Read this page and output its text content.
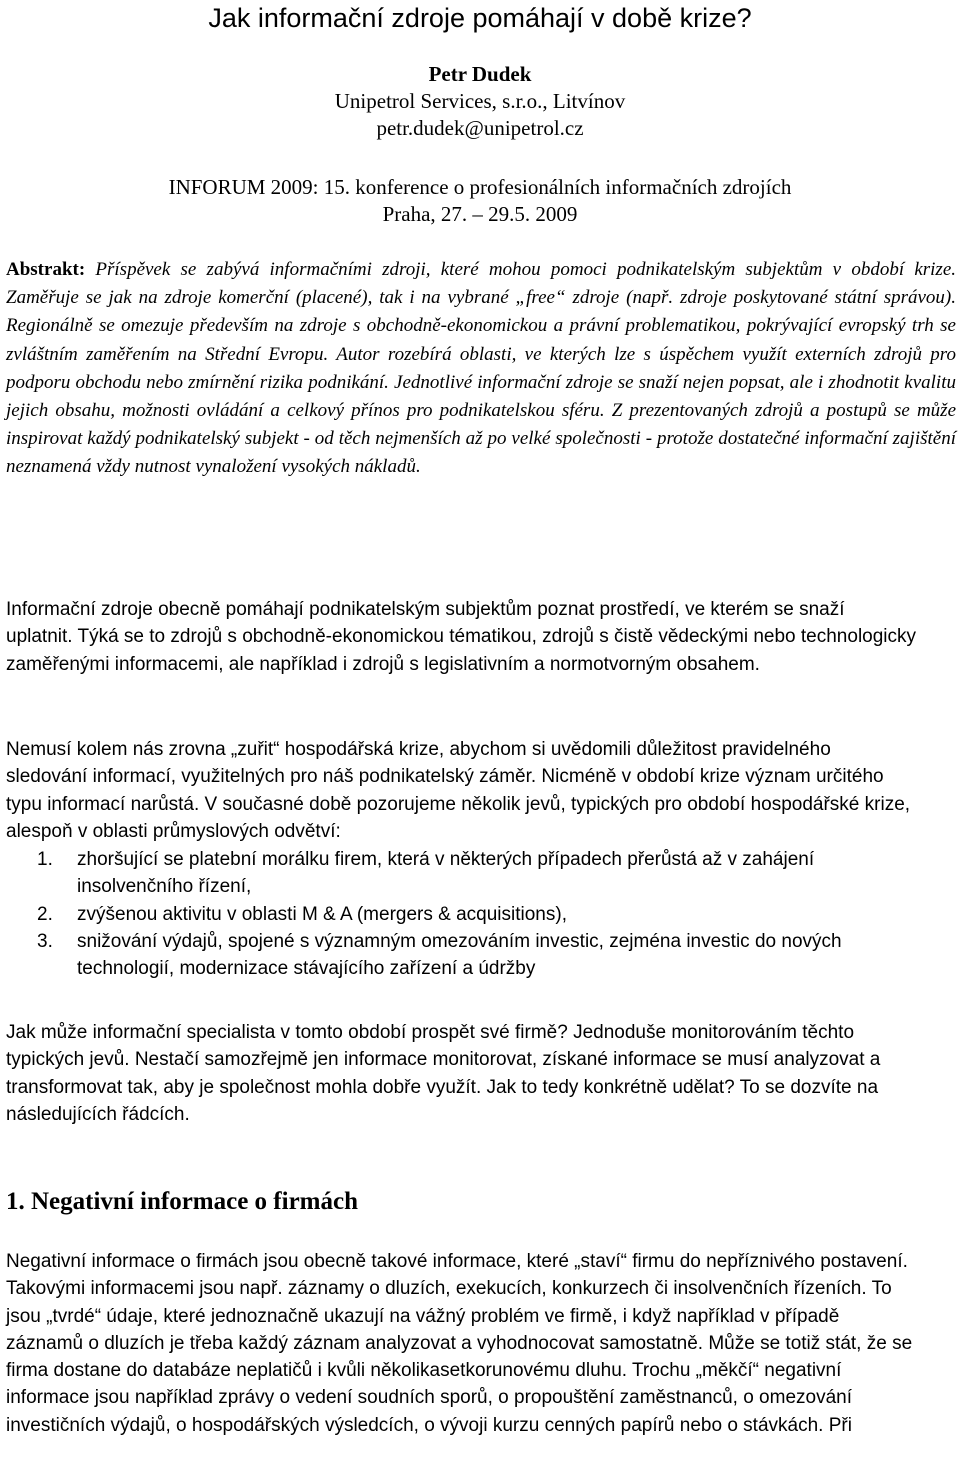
Jak informační zdroje pomáhají v době krize?
Petr Dudek
Unipetrol Services, s.r.o., Litvínov
petr.dudek@unipetrol.cz
INFORUM 2009: 15. konference o profesionálních informačních zdrojích
Praha, 27. – 29.5. 2009
Abstrakt: Příspěvek se zabývá informačními zdroji, které mohou pomoci podnikatelským subjektům v období krize. Zaměřuje se jak na zdroje komerční (placené), tak i na vybrané „free“ zdroje (např. zdroje poskytované státní správou). Regionálně se omezuje především na zdroje s obchodně-ekonomickou a právní problematikou, pokrývající evropský trh se zvláštním zaměřením na Střední Evropu. Autor rozebírá oblasti, ve kterých lze s úspěchem využít externích zdrojů pro podporu obchodu nebo zmírnění rizika podnikání. Jednotlivé informační zdroje se snaží nejen popsat, ale i zhodnotit kvalitu jejich obsahu, možnosti ovládání a celkový přínos pro podnikatelskou sféru. Z prezentovaných zdrojů a postupů se může inspirovat každý podnikatelský subjekt - od těch nejmenších až po velké společnosti - protože dostatečné informační zajištění neznamená vždy nutnost vynaložení vysokých nákladů.

Informační zdroje obecně pomáhají podnikatelským subjektům poznat prostředí, ve kterém se snaží uplatnit. Týká se to zdrojů s obchodně-ekonomickou tématikou, zdrojů s čistě vědeckými nebo technologicky zaměřenými informacemi, ale například i zdrojů s legislativním a normotvorným obsahem.

Nemusí kolem nás zrovna „zuřit“ hospodářská krize, abychom si uvědomili důležitost pravidelného sledování informací, využitelných pro náš podnikatelský záměr. Nicméně v období krize význam určitého typu informací narůstá. V současné době pozorujeme několik jevů, typických pro období hospodářské krize, alespoň v oblasti průmyslových odvětví:

1. zhoršující se platební morálku firem, která v některých případech přerůstá až v zahájení insolvenčního řízení,
2. zvýšenou aktivitu v oblasti M & A (mergers & acquisitions),
3. snižování výdajů, spojené s významným omezováním investic, zejména investic do nových technologií, modernizace stávajícího zařízení a údržby

Jak může informační specialista v tomto období prospět své firmě? Jednoduše monitorováním těchto typických jevů. Nestačí samozřejmě jen informace monitorovat, získané informace se musí analyzovat a transformovat tak, aby je společnost mohla dobře využít. Jak to tedy konkrétně udělat? To se dozvíte na následujících řádcích.

1. Negativní informace o firmách

Negativní informace o firmách jsou obecně takové informace, které „staví“ firmu do nepříznivého postavení. Takovými informacemi jsou např. záznamy o dluzích, exekucích, konkurzech či insolvenčních řízeních. To jsou „tvrdé“ údaje, které jednoznačně ukazují na vážný problém ve firmě, i když například v případě záznamů o dluzích je třeba každý záznam analyzovat a vyhodnocovat samostatně. Může se totiž stát, že se firma dostane do databáze neplatičů i kvůli několikasetkorunovému dluhu. Trochu „měkčí“ negativní informace jsou například zprávy o vedení soudních sporů, o propouštění zaměstnanců, o omezování investičních výdajů, o hospodářských výsledcích, o vývoji kurzu cenných papírů nebo o stávkách. Při
